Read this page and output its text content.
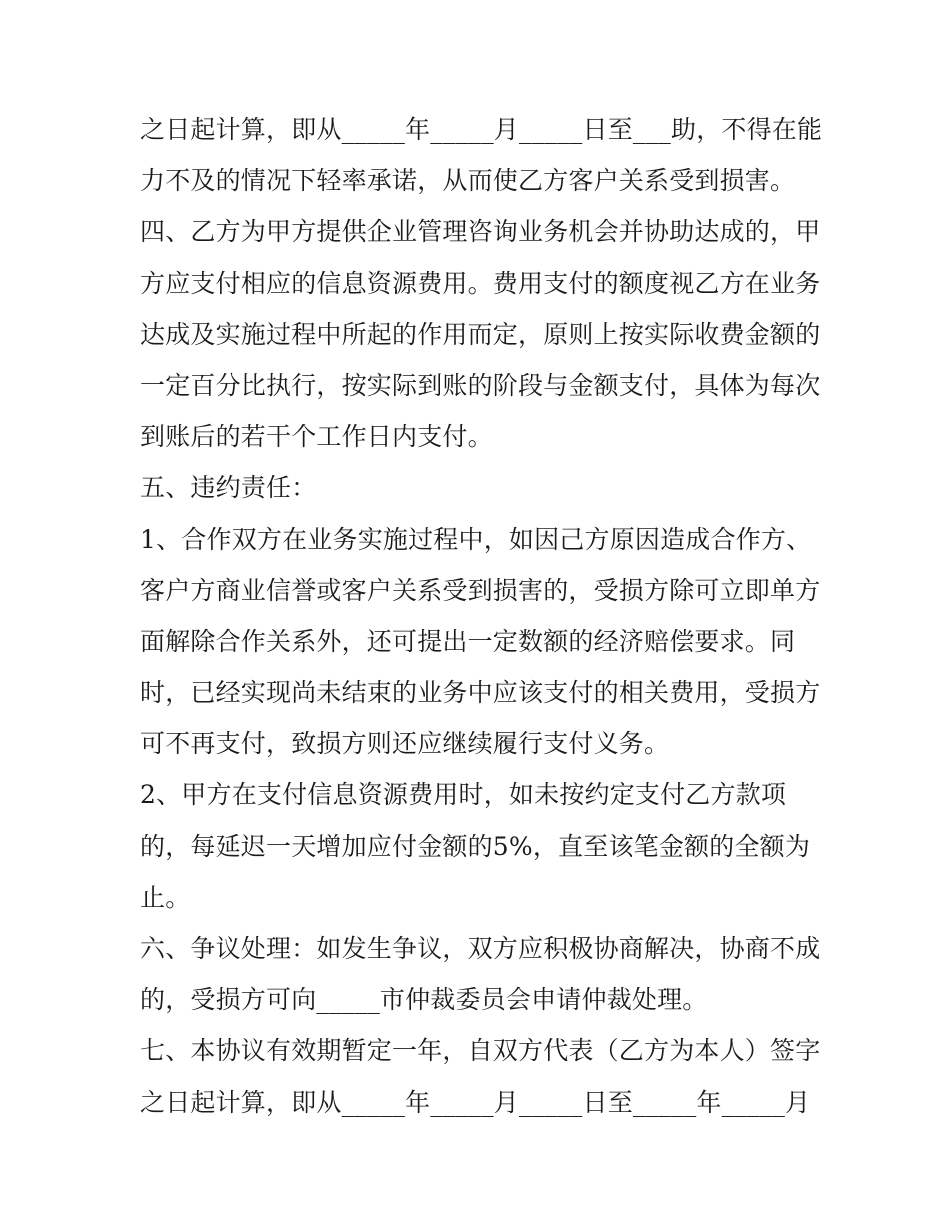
之日起计算，即从_____年_____月_____日至___助，不得在能
力不及的情况下轻率承诺，从而使乙方客户关系受到损害。
四、乙方为甲方提供企业管理咨询业务机会并协助达成的，甲
方应支付相应的信息资源费用。费用支付的额度视乙方在业务
达成及实施过程中所起的作用而定，原则上按实际收费金额的
一定百分比执行，按实际到账的阶段与金额支付，具体为每次
到账后的若干个工作日内支付。
五、违约责任：
1、合作双方在业务实施过程中，如因己方原因造成合作方、
客户方商业信誉或客户关系受到损害的，受损方除可立即单方
面解除合作关系外，还可提出一定数额的经济赔偿要求。同
时，已经实现尚未结束的业务中应该支付的相关费用，受损方
可不再支付，致损方则还应继续履行支付义务。
2、甲方在支付信息资源费用时，如未按约定支付乙方款项
的，每延迟一天增加应付金额的5%，直至该笔金额的全额为
止。
六、争议处理：如发生争议，双方应积极协商解决，协商不成
的，受损方可向_____市仲裁委员会申请仲裁处理。
七、本协议有效期暂定一年，自双方代表（乙方为本人）签字
之日起计算，即从_____年_____月_____日至_____年_____月
